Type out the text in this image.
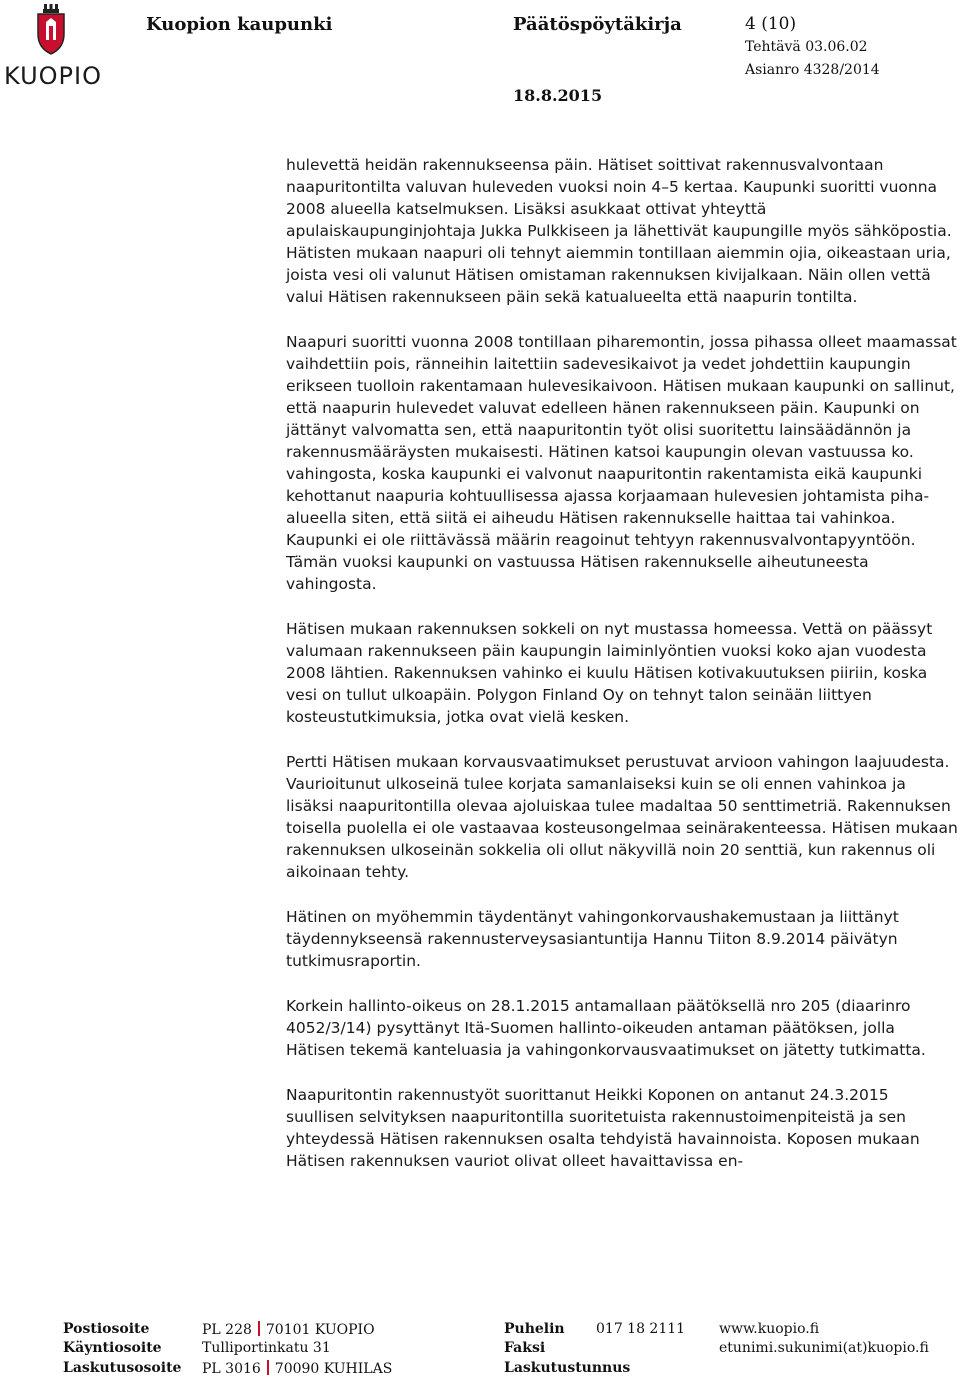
KUOPIO
Kuopion kaupunki	Päätöspöytäkirja	4 (10)
Tehtävä 03.06.02
Asianro 4328/2014
18.8.2015

hulevettä heidän rakennukseensa päin. Hätiset soittivat rakennusvalvontaan naapuritontilta valuvan huleveden vuoksi noin 4–5 kertaa. Kaupunki suoritti vuonna 2008 alueella katselmuksen. Lisäksi asukkaat ottivat yhteyttä apulaiskaupunginjohtaja Jukka Pulkkiseen ja lähettivät kaupungille myös sähköpostia. Hätisten mukaan naapuri oli tehnyt aiemmin tontillaan aiemmin ojia, oikeastaan uria, joista vesi oli valunut Hätisen omistaman rakennuksen kivijalkaan. Näin ollen vettä valui Hätisen rakennukseen päin sekä katualueelta että naapurin tontilta.

Naapuri suoritti vuonna 2008 tontillaan piharemontin, jossa pihassa olleet maamassat vaihdettiin pois, ränneihin laitettiin sadevesikaivot ja vedet johdettiin kaupungin erikseen tuolloin rakentamaan hulevesikaivoon. Hätisen mukaan kaupunki on sallinut, että naapurin hulevedet valuvat edelleen hänen rakennukseen päin. Kaupunki on jättänyt valvomatta sen, että naapuritontin työt olisi suoritettu lainsäädännön ja rakennusmääräysten mukaisesti. Hätinen katsoi kaupungin olevan vastuussa ko. vahingosta, koska kaupunki ei valvonut naapuritontin rakentamista eikä kaupunki kehottanut naapuria kohtuullisessa ajassa korjaamaan hulevesien johtamista piha-alueella siten, että siitä ei aiheudu Hätisen rakennukselle haittaa tai vahinkoa. Kaupunki ei ole riittävässä määrin reagoinut tehtyyn rakennusvalvontapyyntöön. Tämän vuoksi kaupunki on vastuussa Hätisen rakennukselle aiheutuneesta vahingosta.

Hätisen mukaan rakennuksen sokkeli on nyt mustassa homeessa. Vettä on päässyt valumaan rakennukseen päin kaupungin laiminlyöntien vuoksi koko ajan vuodesta 2008 lähtien. Rakennuksen vahinko ei kuulu Hätisen kotivakuutuksen piiriin, koska vesi on tullut ulkoapäin. Polygon Finland Oy on tehnyt talon seinään liittyen kosteustutkimuksia, jotka ovat vielä kesken.

Pertti Hätisen mukaan korvausvaatimukset perustuvat arvioon vahingon laajuudesta. Vaurioitunut ulkoseinä tulee korjata samanlaiseksi kuin se oli ennen vahinkoa ja lisäksi naapuritontilla olevaa ajoluiskaa tulee madaltaa 50 senttimetriä. Rakennuksen toisella puolella ei ole vastaavaa kosteusongelmaa seinärakenteessa. Hätisen mukaan rakennuksen ulkoseinän sokkelia oli ollut näkyvillä noin 20 senttiä, kun rakennus oli aikoinaan tehty.

Hätinen on myöhemmin täydentänyt vahingonkorvaushakemustaan ja liittänyt täydennykseensä rakennusterveysasiantuntija Hannu Tiiton 8.9.2014 päivätyn tutkimusraportin.

Korkein hallinto-oikeus on 28.1.2015 antamallaan päätöksellä nro 205 (diaarinro 4052/3/14) pysyttänyt Itä-Suomen hallinto-oikeuden antaman päätöksen, jolla Hätisen tekemä kanteluasia ja vahingonkorvausvaatimukset on jätetty tutkimatta.

Naapuritontin rakennustyöt suorittanut Heikki Koponen on antanut 24.3.2015 suullisen selvityksen naapuritontilla suoritetuista rakennustoimenpiteistä ja sen yhteydessä Hätisen rakennuksen osalta tehdyistä havainnoista. Koposen mukaan Hätisen rakennuksen vauriot olivat olleet havaittavissa en-

Postiosoite	PL 228 70101 KUOPIO	Puhelin 017 18 2111 www.kuopio.fi
Käyntiosoite	Tulliportinkatu 31	Faksi	etunimi.sukunimi(at)kuopio.fi
Laskutusosoite PL 3016 70090 KUHILAS	Laskutustunnus
